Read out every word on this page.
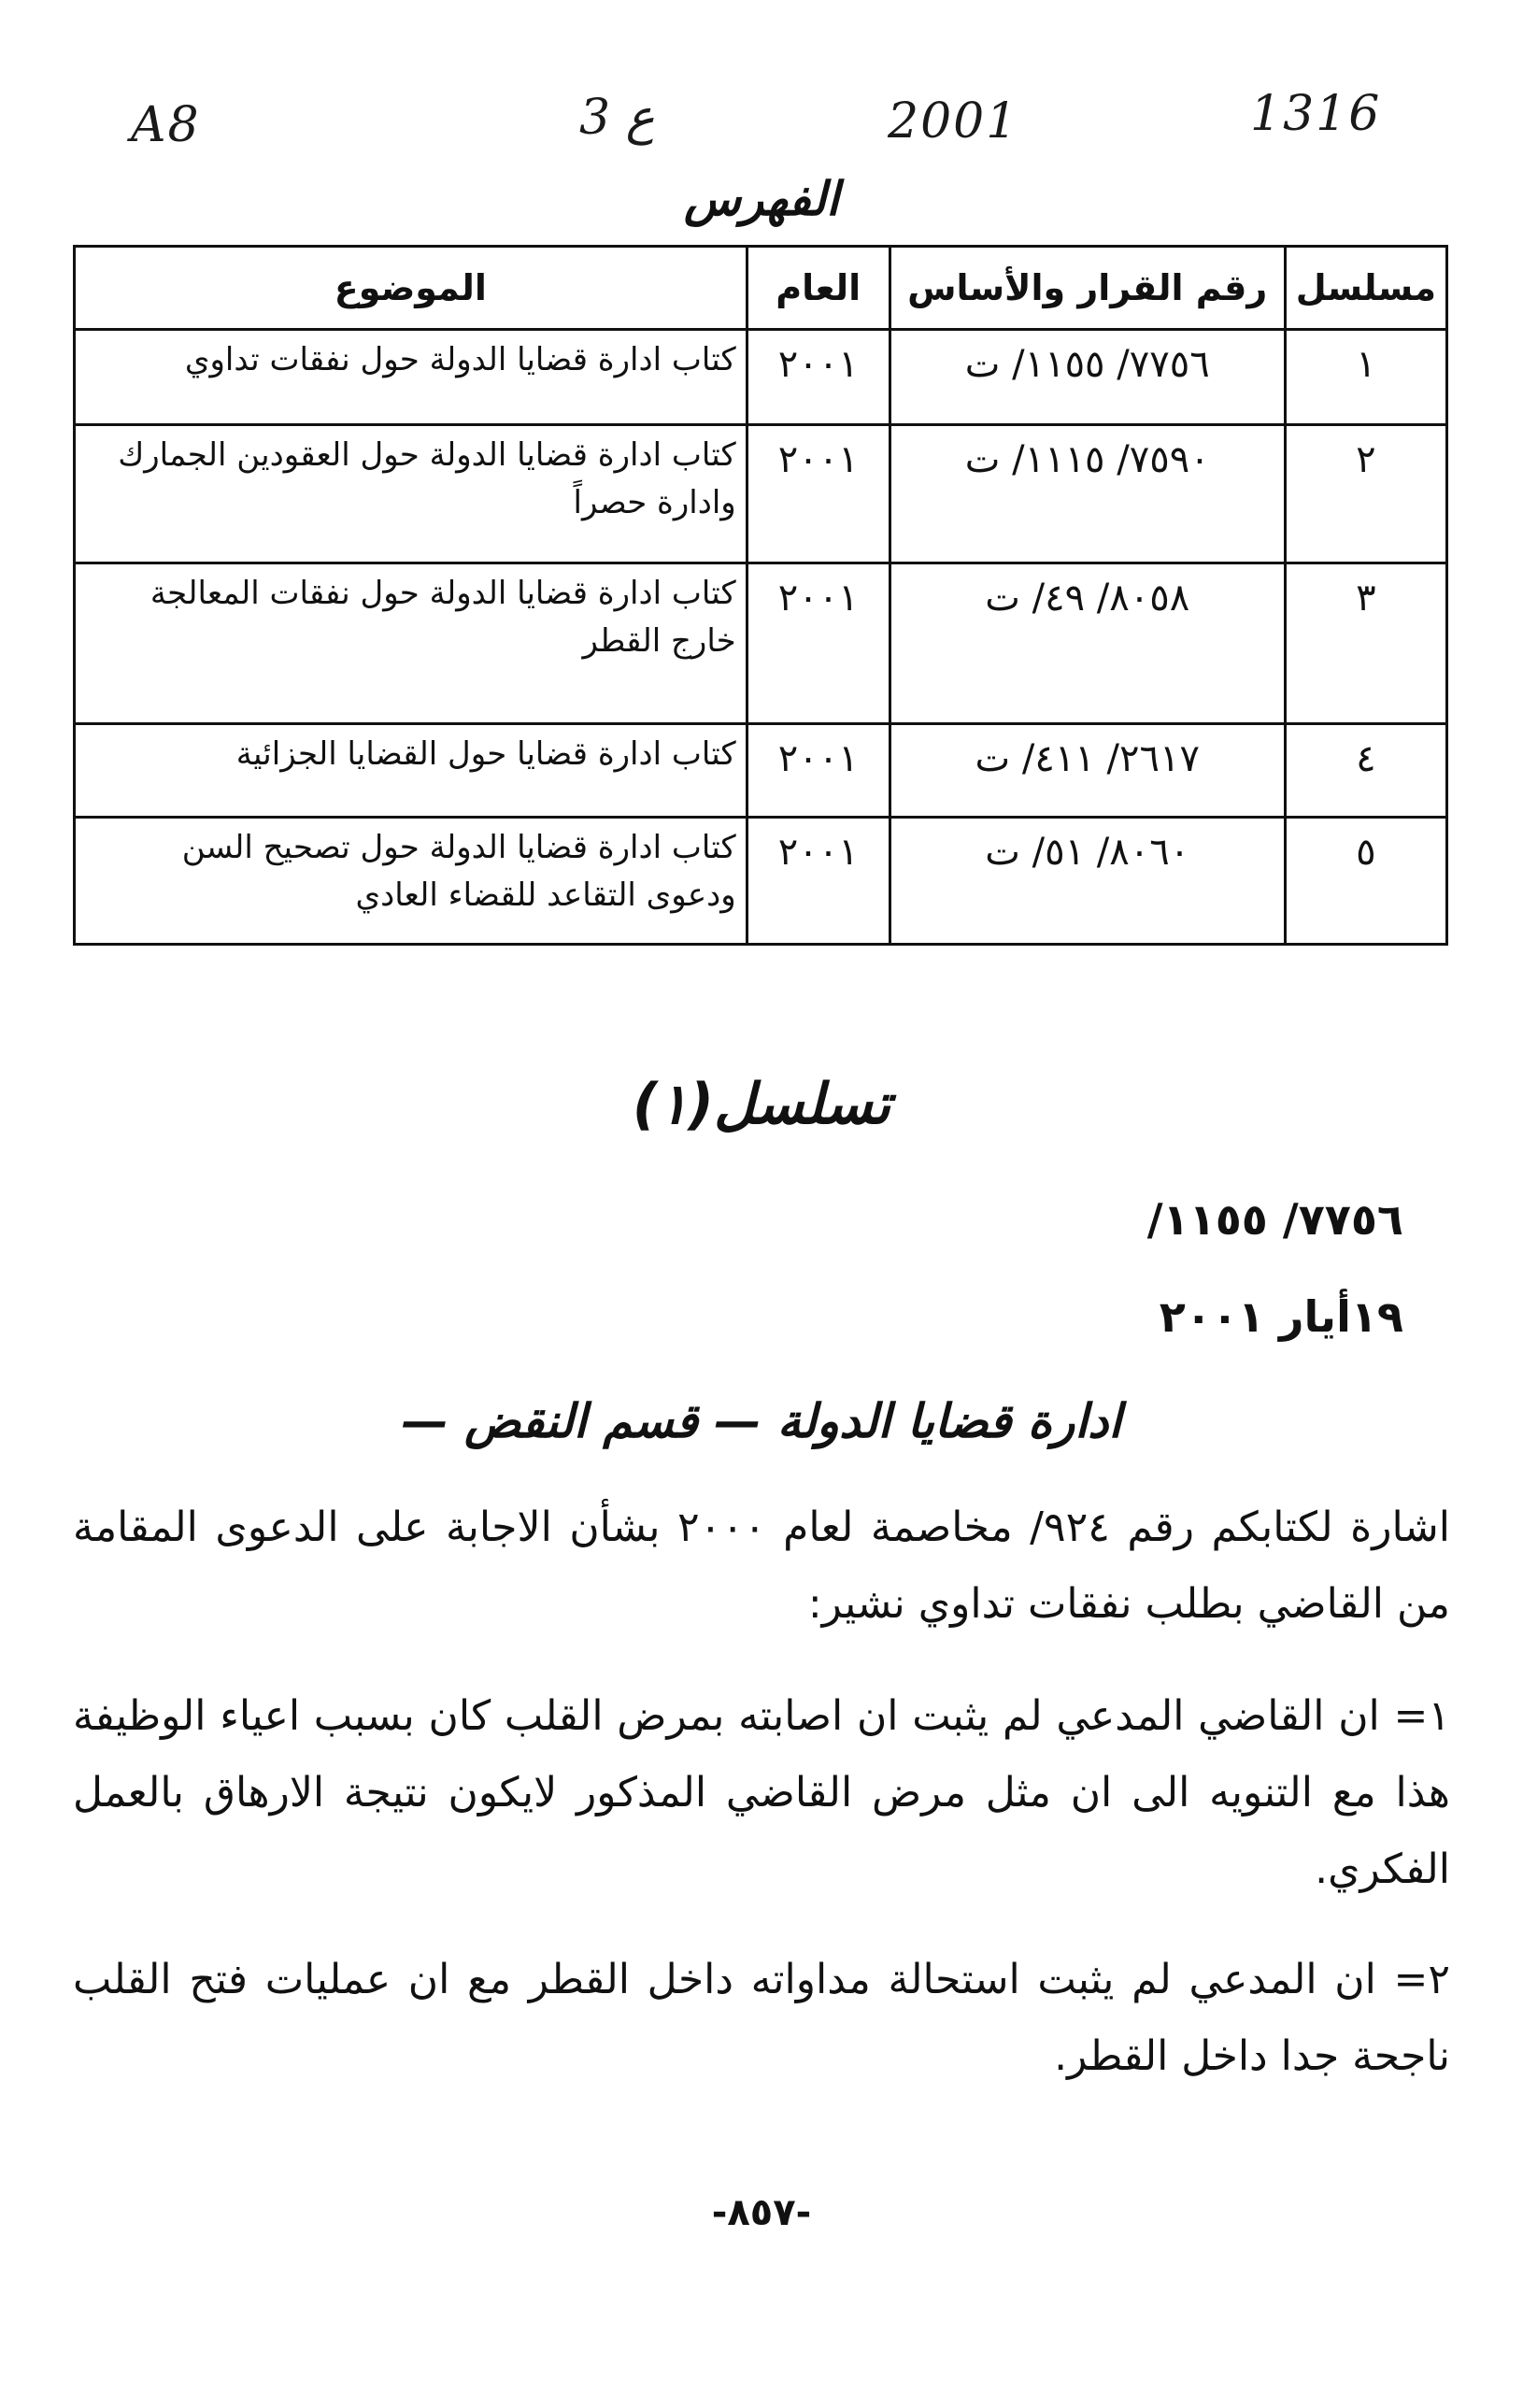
A8	3 ع	2001	1316
الفهرس
مسلسل	رقم القرار والأساس	العام	الموضوع
١	٧٧٥٦/ ١١٥٥/ ت	٢٠٠١	كتاب ادارة قضايا الدولة حول نفقات تداوي
٢	٧٥٩٠/ ١١١٥/ ت	٢٠٠١	كتاب ادارة قضايا الدولة حول العقودين الجمارك وادارة حصراً
٣	٨٠٥٨/ ٤٩/ ت	٢٠٠١	كتاب ادارة قضايا الدولة حول نفقات المعالجة خارج القطر
٤	٢٦١٧/ ٤١١/ ت	٢٠٠١	كتاب ادارة قضايا حول القضايا الجزائية
٥	٨٠٦٠/ ٥١/ ت	٢٠٠١	كتاب ادارة قضايا الدولة حول تصحيح السن ودعوى التقاعد للقضاء العادي
تسلسل(١)
٧٧٥٦/ ١١٥٥/
١٩أيار ٢٠٠١
ادارة قضايا الدولة — قسم النقض —
اشارة لكتابكم رقم ٩٢٤/ مخاصمة لعام ٢٠٠٠ بشأن الاجابة على الدعوى المقامة من القاضي بطلب نفقات تداوي نشير:
١= ان القاضي المدعي لم يثبت ان اصابته بمرض القلب كان بسبب اعياء الوظيفة هذا مع التنويه الى ان مثل مرض القاضي المذكور لايكون نتيجة الارهاق بالعمل الفكري.
٢= ان المدعي لم يثبت استحالة مداواته داخل القطر مع ان عمليات فتح القلب ناجحة جدا داخل القطر.
-٨٥٧-
